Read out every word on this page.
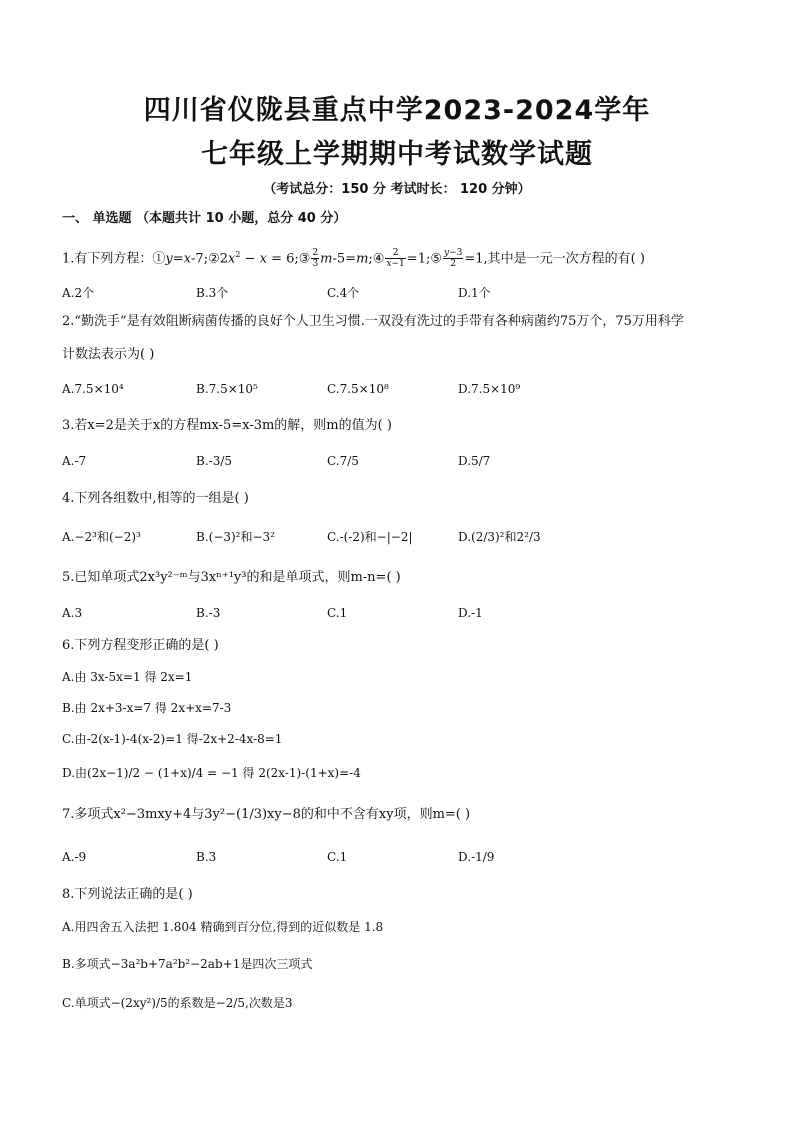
四川省仪陇县重点中学2023-2024学年
七年级上学期期中考试数学试题
（考试总分：150 分 考试时长： 120 分钟）
一、 单选题 （本题共计 10 小题，总分 40 分）
1.有下列方程：$①y=x-7;②2x^2 - x$ = 6;③ $\frac{2}{3}$ m-5=m;④ $\frac{2}{x-1}$ =1;⑤ $\frac{y-3}{2} =1$,其中是一元一次方程的有( )
A.2个	B.3个	C.4个	D.1个
2.“勤洗手”是有效阻断病菌传播的良好个人卫生习惯.一双没有洗过的手带有各种病菌约75万个，75万用科学
计数法表示为( )
A.7.5×10⁴	B.7.5×10⁵	C.7.5×10⁸	D.7.5×10⁹
3.若x=2是关于x的方程mx-5=x-3m的解，则m的值为( )
A.-7	B.-3/5	C.7/5	D.5/7
4.下列各组数中,相等的一组是( )
A.−2³和(−2)³	B.(−3)²和−3²	C.-(-2)和−|−2|	D.(2/3)²和2²/3
5.已知单项式2x³y²⁻ᵐ与3xⁿ⁺¹y³的和是单项式，则m-n=( )
A.3	B.-3	C.1	D.-1
6.下列方程变形正确的是( )
A.由 3x-5x=1 得 2x=1
B.由 2x+3-x=7 得 2x+x=7-3
C.由-2(x-1)-4(x-2)=1 得-2x+2-4x-8=1
D.由(2x−1)/2 − (1+x)/4 = −1 得 2(2x-1)-(1+x)=-4
7.多项式x²−3mxy+4与3y²−(1/3)xy−8的和中不含有xy项，则m=( )
A.-9	B.3	C.1	D.-1/9
8.下列说法正确的是( )
A.用四舍五入法把 1.804 精确到百分位,得到的近似数是 1.8
B.多项式−3a²b+7a²b²−2ab+1是四次三项式
C.单项式−(2xy²)/5的系数是−2/5,次数是3
